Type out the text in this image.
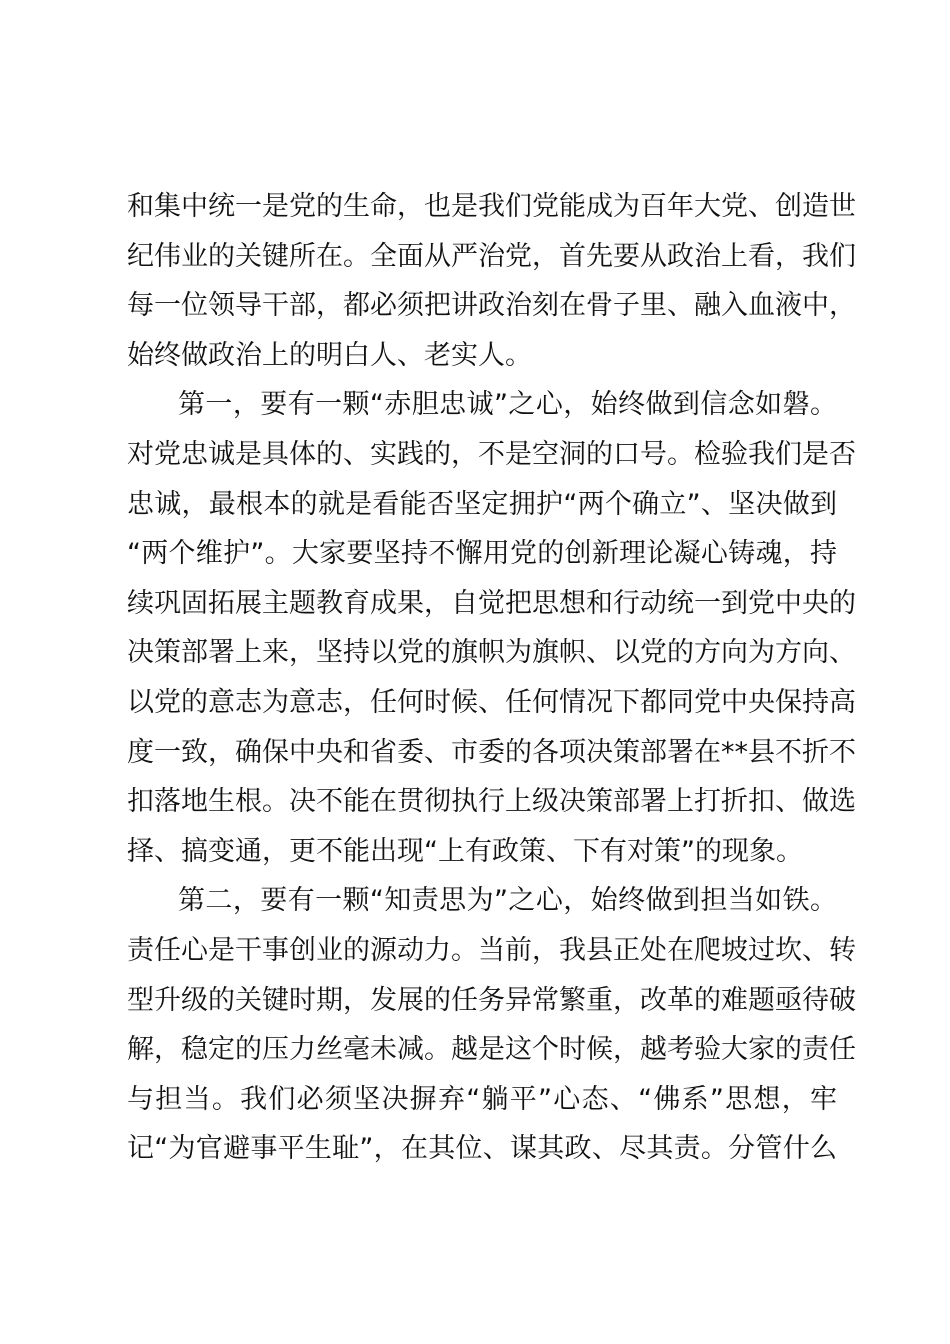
和集中统一是党的生命，也是我们党能成为百年大党、创造世
纪伟业的关键所在。全面从严治党，首先要从政治上看，我们
每一位领导干部，都必须把讲政治刻在骨子里、融入血液中，
始终做政治上的明白人、老实人。
第一，要有一颗“赤胆忠诚”之心，始终做到信念如磐。
对党忠诚是具体的、实践的，不是空洞的口号。检验我们是否
忠诚，最根本的就是看能否坚定拥护“两个确立”、坚决做到
“两个维护”。大家要坚持不懈用党的创新理论凝心铸魂，持
续巩固拓展主题教育成果，自觉把思想和行动统一到党中央的
决策部署上来，坚持以党的旗帜为旗帜、以党的方向为方向、
以党的意志为意志，任何时候、任何情况下都同党中央保持高
度一致，确保中央和省委、市委的各项决策部署在**县不折不
扣落地生根。决不能在贯彻执行上级决策部署上打折扣、做选
择、搞变通，更不能出现“上有政策、下有对策”的现象。
第二，要有一颗“知责思为”之心，始终做到担当如铁。
责任心是干事创业的源动力。当前，我县正处在爬坡过坎、转
型升级的关键时期，发展的任务异常繁重，改革的难题亟待破
解，稳定的压力丝毫未减。越是这个时候，越考验大家的责任
与担当。我们必须坚决摒弃“躺平”心态、“佛系”思想，牢
记“为官避事平生耻”，在其位、谋其政、尽其责。分管什么
